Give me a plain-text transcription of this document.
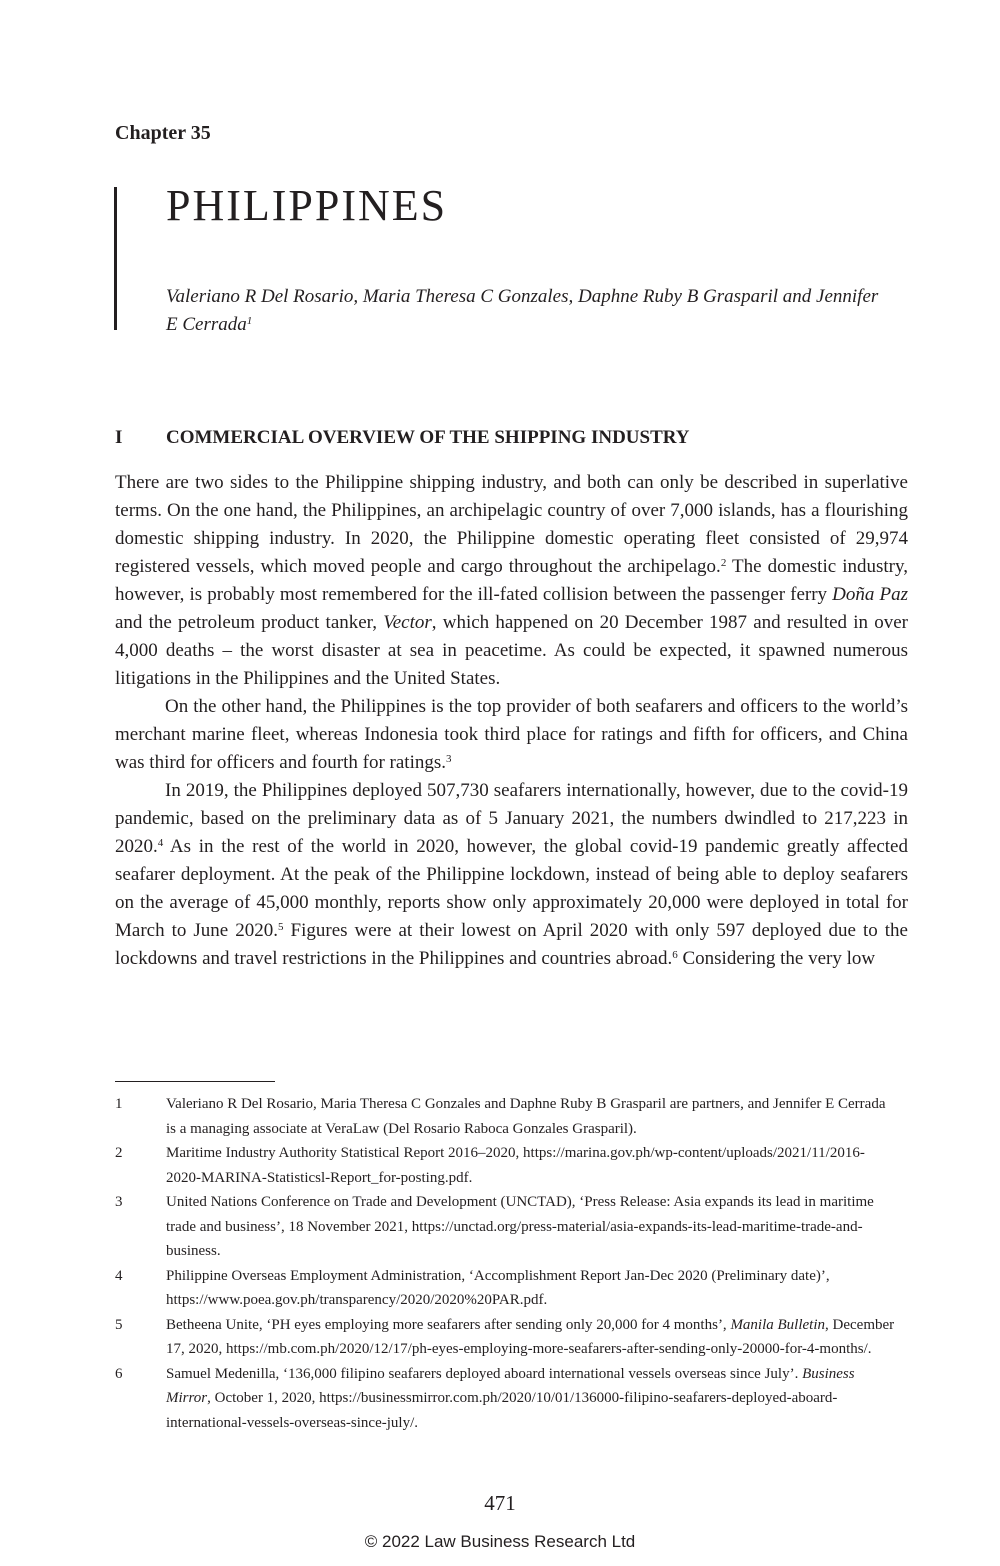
Chapter 35
PHILIPPINES
Valeriano R Del Rosario, Maria Theresa C Gonzales, Daphne Ruby B Grasparil and Jennifer E Cerrada$^1$
I COMMERCIAL OVERVIEW OF THE SHIPPING INDUSTRY

There are two sides to the Philippine shipping industry, and both can only be described in superlative terms. On the one hand, the Philippines, an archipelagic country of over 7,000 islands, has a flourishing domestic shipping industry. In 2020, the Philippine domestic operating fleet consisted of 29,974 registered vessels, which moved people and cargo throughout the archipelago.$^2$ The domestic industry, however, is probably most remembered for the ill-fated collision between the passenger ferry Doña Paz and the petroleum product tanker, Vector, which happened on 20 December 1987 and resulted in over 4,000 deaths – the worst disaster at sea in peacetime. As could be expected, it spawned numerous litigations in the Philippines and the United States.

On the other hand, the Philippines is the top provider of both seafarers and officers to the world’s merchant marine fleet, whereas Indonesia took third place for ratings and fifth for officers, and China was third for officers and fourth for ratings.$^3$

In 2019, the Philippines deployed 507,730 seafarers internationally, however, due to the covid-19 pandemic, based on the preliminary data as of 5 January 2021, the numbers dwindled to 217,223 in 2020.$^4$ As in the rest of the world in 2020, however, the global covid-19 pandemic greatly affected seafarer deployment. At the peak of the Philippine lockdown, instead of being able to deploy seafarers on the average of 45,000 monthly, reports show only approximately 20,000 were deployed in total for March to June 2020.$^5$ Figures were at their lowest on April 2020 with only 597 deployed due to the lockdowns and travel restrictions in the Philippines and countries abroad.$^6$ Considering the very low

1	Valeriano R Del Rosario, Maria Theresa C Gonzales and Daphne Ruby B Grasparil are partners, and Jennifer E Cerrada is a managing associate at VeraLaw (Del Rosario Raboca Gonzales Grasparil).
2	Maritime Industry Authority Statistical Report 2016–2020, https://marina.gov.ph/wp-content/uploads/2021/11/2016-2020-MARINA-Statisticsl-Report_for-posting.pdf.
3	United Nations Conference on Trade and Development (UNCTAD), ‘Press Release: Asia expands its lead in maritime trade and business’, 18 November 2021, https://unctad.org/press-material/asia-expands-its-lead-maritime-trade-and-business.
4	Philippine Overseas Employment Administration, ‘Accomplishment Report Jan-Dec 2020 (Preliminary date)’, https://www.poea.gov.ph/transparency/2020/2020%20PAR.pdf.
5	Betheena Unite, ‘PH eyes employing more seafarers after sending only 20,000 for 4 months’, Manila Bulletin, December 17, 2020, https://mb.com.ph/2020/12/17/ph-eyes-employing-more-seafarers-after-sending-only-20000-for-4-months/.
6	Samuel Medenilla, ‘136,000 filipino seafarers deployed aboard international vessels overseas since July’. Business Mirror, October 1, 2020, https://businessmirror.com.ph/2020/10/01/136000-filipino-seafarers-deployed-aboard-international-vessels-overseas-since-july/.
471
© 2022 Law Business Research Ltd
